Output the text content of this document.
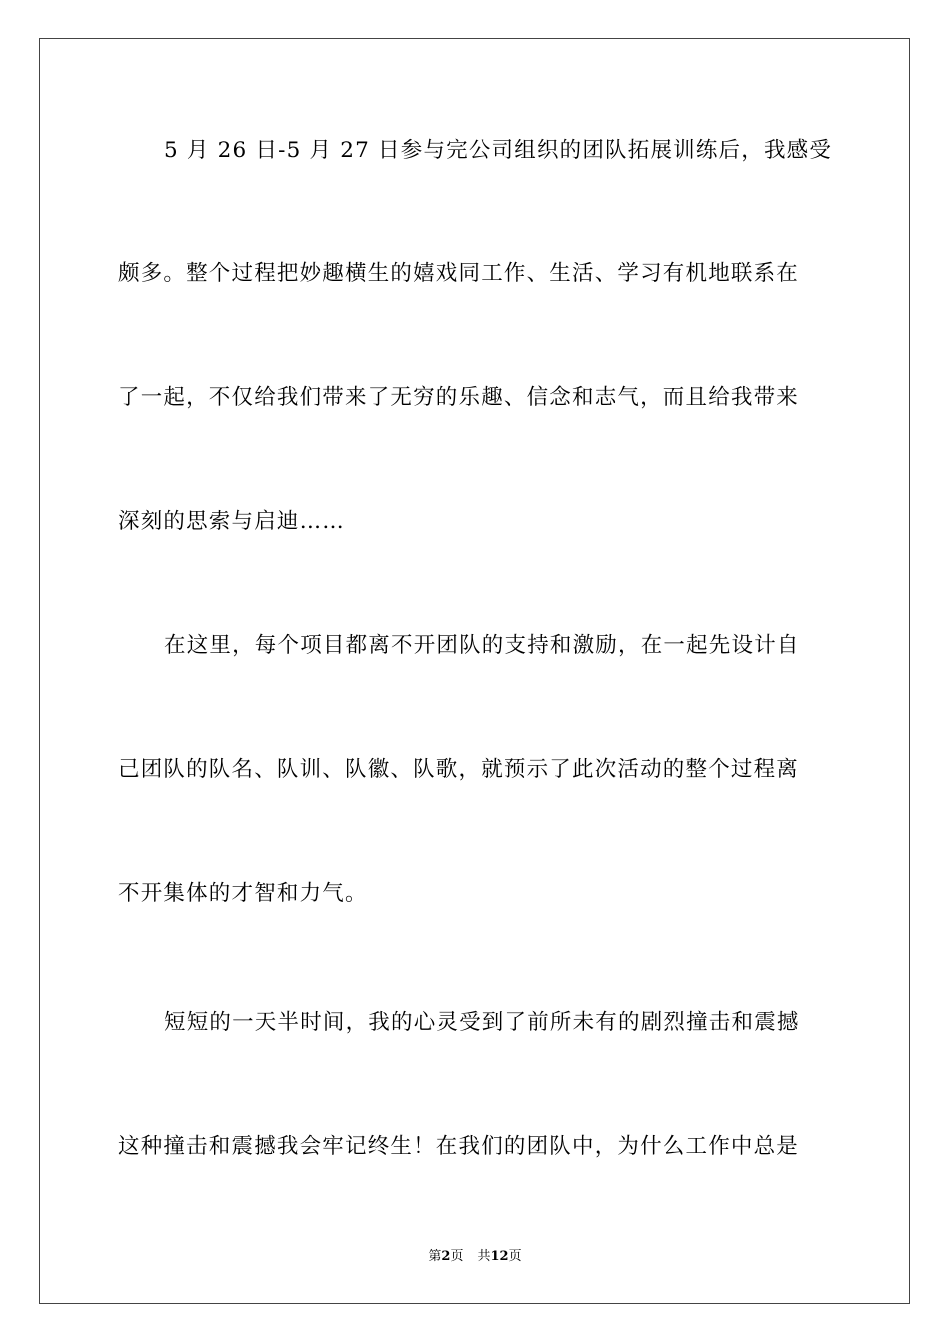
5 月 26 日-5 月 27 日参与完公司组织的团队拓展训练后，我感受
颇多。整个过程把妙趣横生的嬉戏同工作、生活、学习有机地联系在
了一起，不仅给我们带来了无穷的乐趣、信念和志气，而且给我带来
深刻的思索与启迪……
在这里，每个项目都离不开团队的支持和激励，在一起先设计自
己团队的队名、队训、队徽、队歌，就预示了此次活动的整个过程离
不开集体的才智和力气。
短短的一天半时间，我的心灵受到了前所未有的剧烈撞击和震撼
这种撞击和震撼我会牢记终生！在我们的团队中，为什么工作中总是
第2页 共12页
